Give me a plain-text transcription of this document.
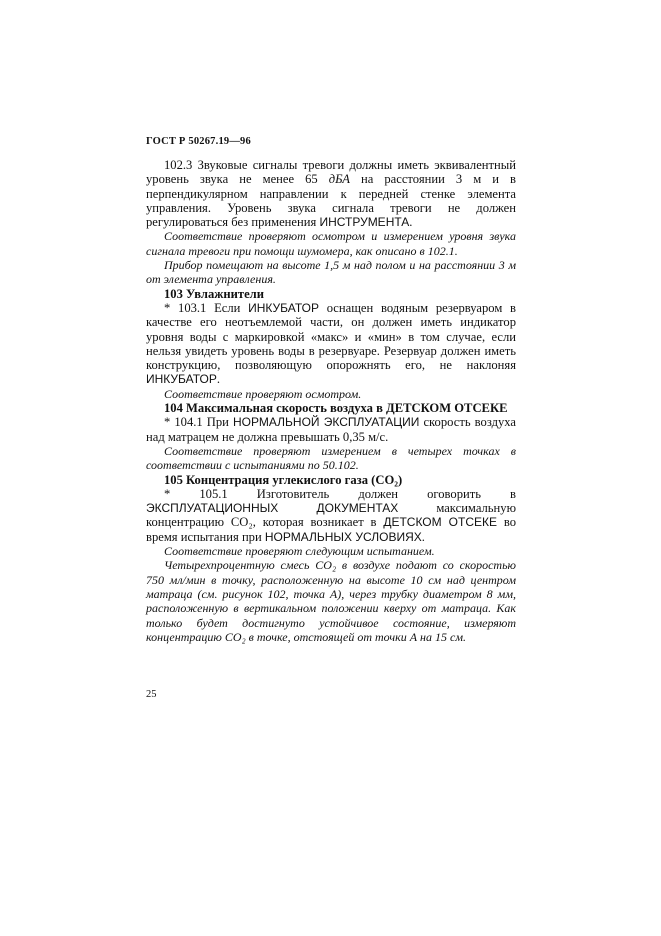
ГОСТ Р 50267.19—96

102.3 Звуковые сигналы тревоги должны иметь эквивалентный уровень звука не менее 65 дБА на расстоянии 3 м и в перпендикулярном направлении к передней стенке элемента управления. Уровень звука сигнала тревоги не должен регулироваться без применения ИНСТРУМЕНТА.

Соответствие проверяют осмотром и измерением уровня звука сигнала тревоги при помощи шумомера, как описано в 102.1.

Прибор помещают на высоте 1,5 м над полом и на расстоянии 3 м от элемента управления.

103 Увлажнители

* 103.1 Если ИНКУБАТОР оснащен водяным резервуаром в качестве его неотъемлемой части, он должен иметь индикатор уровня воды с маркировкой «макс» и «мин» в том случае, если нельзя увидеть уровень воды в резервуаре. Резервуар должен иметь конструкцию, позволяющую опорожнять его, не наклоняя ИНКУБАТОР.

Соответствие проверяют осмотром.

104 Максимальная скорость воздуха в ДЕТСКОМ ОТСЕКЕ

* 104.1 При НОРМАЛЬНОЙ ЭКСПЛУАТАЦИИ скорость воздуха над матрацем не должна превышать 0,35 м/с.

Соответствие проверяют измерением в четырех точках в соответствии с испытаниями по 50.102.

105 Концентрация углекислого газа (СО₂)

* 105.1 Изготовитель должен оговорить в ЭКСПЛУАТАЦИОННЫХ ДОКУМЕНТАХ максимальную концентрацию СО₂, которая возникает в ДЕТСКОМ ОТСЕКЕ во время испытания при НОРМАЛЬНЫХ УСЛОВИЯХ.

Соответствие проверяют следующим испытанием.

Четырехпроцентную смесь СО₂ в воздухе подают со скоростью 750 мл/мин в точку, расположенную на высоте 10 см над центром матраца (см. рисунок 102, точка А), через трубку диаметром 8 мм, расположенную в вертикальном положении кверху от матраца. Как только будет достигнуто устойчивое состояние, измеряют концентрацию СО₂ в точке, отстоящей от точки А на 15 см.

25
